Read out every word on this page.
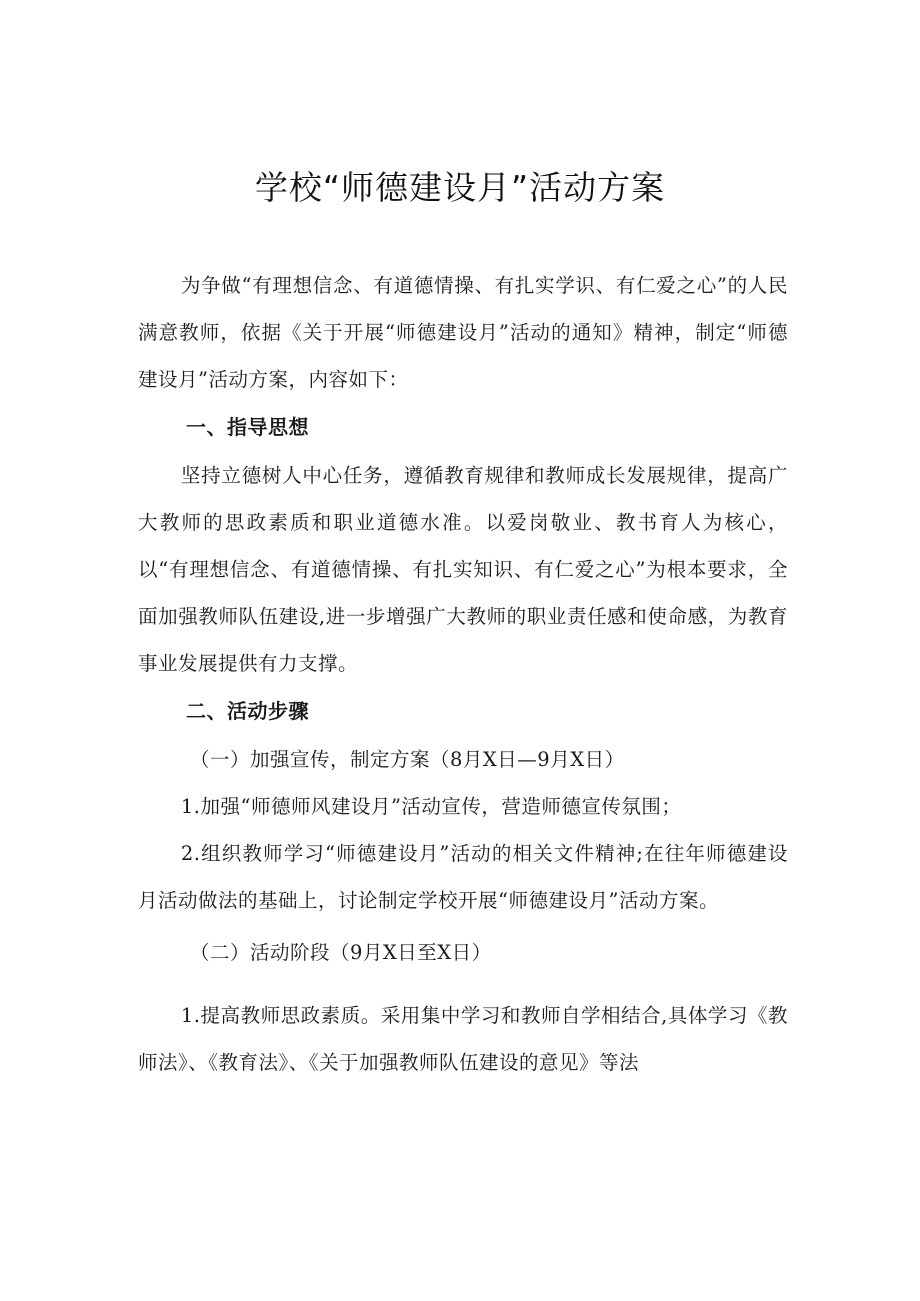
学校“师德建设月”活动方案

为争做“有理想信念、有道德情操、有扎实学识、有仁爱之心”的人民满意教师，依据《关于开展“师德建设月”活动的通知》精神，制定“师德建设月”活动方案，内容如下：

一、指导思想

坚持立德树人中心任务，遵循教育规律和教师成长发展规律，提高广大教师的思政素质和职业道德水准。以爱岗敬业、教书育人为核心，以“有理想信念、有道德情操、有扎实知识、有仁爱之心”为根本要求，全面加强教师队伍建设,进一步增强广大教师的职业责任感和使命感，为教育事业发展提供有力支撑。

二、活动步骤

（一）加强宣传，制定方案（8月X日—9月X日）

1.加强“师德师风建设月”活动宣传，营造师德宣传氛围；

2.组织教师学习“师德建设月”活动的相关文件精神;在往年师德建设月活动做法的基础上，讨论制定学校开展“师德建设月”活动方案。

（二）活动阶段（9月X日至X日）

1.提高教师思政素质。采用集中学习和教师自学相结合,具体学习《教师法》、《教育法》、《关于加强教师队伍建设的意见》等法
